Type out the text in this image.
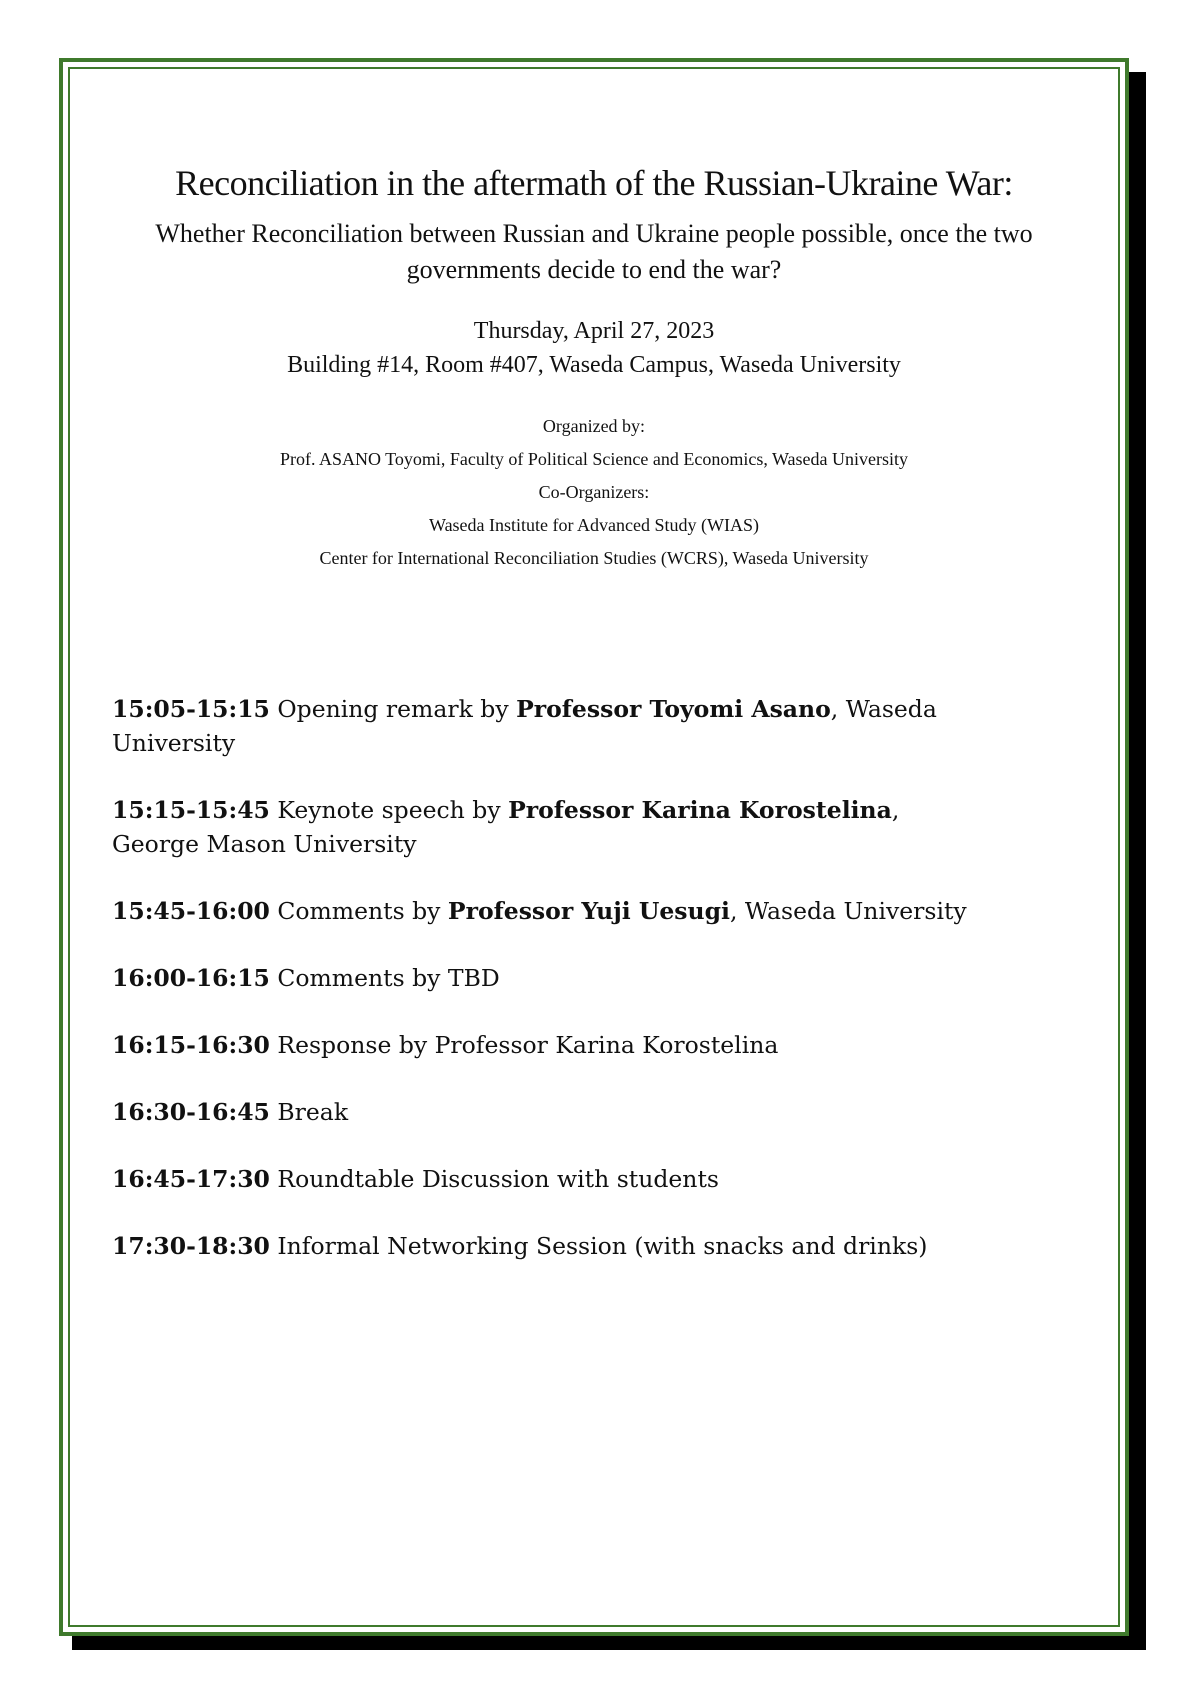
Reconciliation in the aftermath of the Russian-Ukraine War:
Whether Reconciliation between Russian and Ukraine people possible, once the two governments decide to end the war?
Thursday, April 27, 2023
Building #14, Room #407, Waseda Campus, Waseda University
Organized by:
Prof. ASANO Toyomi, Faculty of Political Science and Economics, Waseda University
Co-Organizers:
Waseda Institute for Advanced Study (WIAS)
Center for International Reconciliation Studies (WCRS), Waseda University
15:05-15:15 Opening remark by Professor Toyomi Asano, Waseda University
15:15-15:45 Keynote speech by Professor Karina Korostelina, George Mason University
15:45-16:00 Comments by Professor Yuji Uesugi, Waseda University
16:00-16:15 Comments by TBD
16:15-16:30 Response by Professor Karina Korostelina
16:30-16:45 Break
16:45-17:30 Roundtable Discussion with students
17:30-18:30 Informal Networking Session (with snacks and drinks)
